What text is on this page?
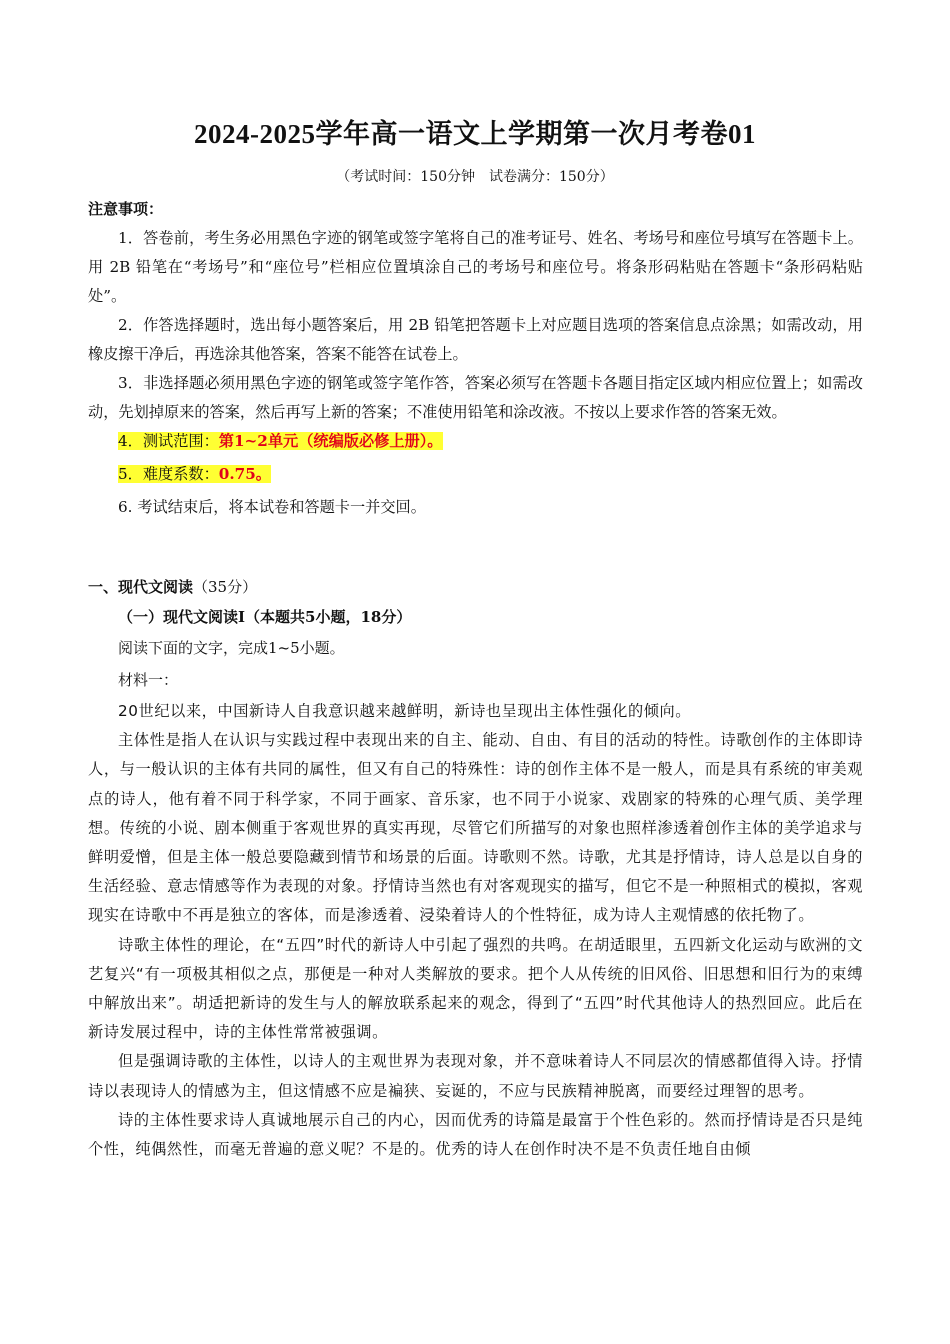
2024-2025学年高一语文上学期第一次月考卷01
（考试时间：150分钟　试卷满分：150分）
注意事项：

1．答卷前，考生务必用黑色字迹的钢笔或签字笔将自己的准考证号、姓名、考场号和座位号填写在答题卡上。用 2B 铅笔在“考场号”和“座位号”栏相应位置填涂自己的考场号和座位号。将条形码粘贴在答题卡“条形码粘贴处”。

2．作答选择题时，选出每小题答案后，用 2B 铅笔把答题卡上对应题目选项的答案信息点涂黑；如需改动，用橡皮擦干净后，再选涂其他答案，答案不能答在试卷上。

3．非选择题必须用黑色字迹的钢笔或签字笔作答，答案必须写在答题卡各题目指定区域内相应位置上；如需改动，先划掉原来的答案，然后再写上新的答案；不准使用铅笔和涂改液。不按以上要求作答的答案无效。

4．测试范围：第1~2单元（统编版必修上册）。

5．难度系数：0.75。

6. 考试结束后，将本试卷和答题卡一并交回。

一、现代文阅读（35分）
（一）现代文阅读Ⅰ（本题共5小题，18分）
阅读下面的文字，完成1~5小题。
材料一：

20世纪以来，中国新诗人自我意识越来越鲜明，新诗也呈现出主体性强化的倾向。

主体性是指人在认识与实践过程中表现出来的自主、能动、自由、有目的活动的特性。诗歌创作的主体即诗人，与一般认识的主体有共同的属性，但又有自己的特殊性：诗的创作主体不是一般人，而是具有系统的审美观点的诗人，他有着不同于科学家，不同于画家、音乐家，也不同于小说家、戏剧家的特殊的心理气质、美学理想。传统的小说、剧本侧重于客观世界的真实再现，尽管它们所描写的对象也照样渗透着创作主体的美学追求与鲜明爱憎，但是主体一般总要隐藏到情节和场景的后面。诗歌则不然。诗歌，尤其是抒情诗，诗人总是以自身的生活经验、意志情感等作为表现的对象。抒情诗当然也有对客观现实的描写，但它不是一种照相式的模拟，客观现实在诗歌中不再是独立的客体，而是渗透着、浸染着诗人的个性特征，成为诗人主观情感的依托物了。

诗歌主体性的理论，在“五四”时代的新诗人中引起了强烈的共鸣。在胡适眼里，五四新文化运动与欧洲的文艺复兴“有一项极其相似之点，那便是一种对人类解放的要求。把个人从传统的旧风俗、旧思想和旧行为的束缚中解放出来”。胡适把新诗的发生与人的解放联系起来的观念，得到了“五四”时代其他诗人的热烈回应。此后在新诗发展过程中，诗的主体性常常被强调。

但是强调诗歌的主体性，以诗人的主观世界为表现对象，并不意味着诗人不同层次的情感都值得入诗。抒情诗以表现诗人的情感为主，但这情感不应是褊狭、妄诞的，不应与民族精神脱离，而要经过理智的思考。

诗的主体性要求诗人真诚地展示自己的内心，因而优秀的诗篇是最富于个性色彩的。然而抒情诗是否只是纯个性，纯偶然性，而毫无普遍的意义呢？不是的。优秀的诗人在创作时决不是不负责任地自由倾
